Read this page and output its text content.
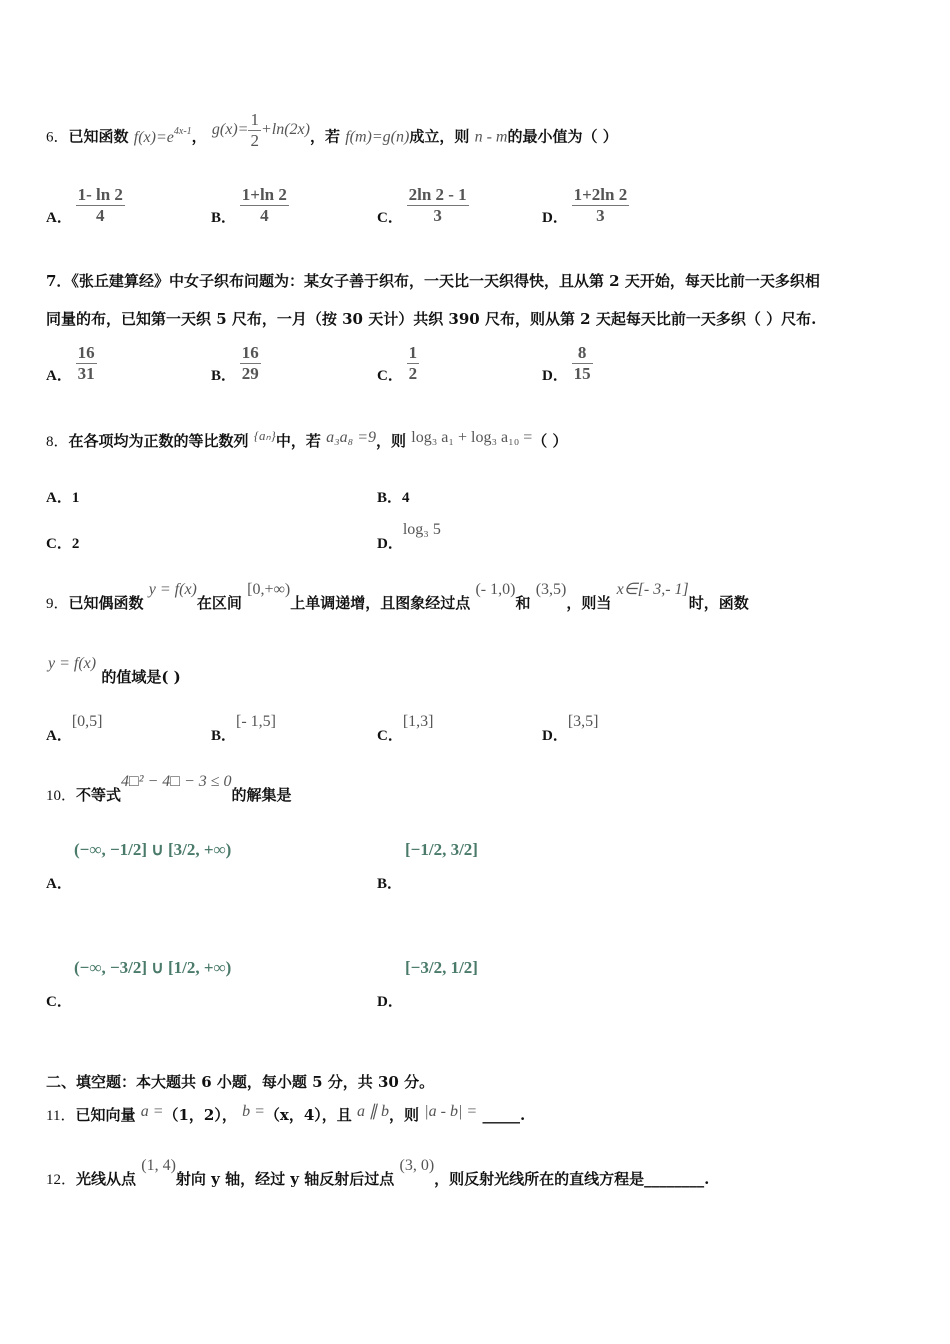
6．已知函数 $f(x)=e^{4x-1}$， $g(x)= \frac{1}{2} +\ln(2x)$，若 f(m)=g(n)成立，则 n - m的最小值为（ ）
A． $\frac{1- \ln 2}{4}$	B． $\frac{1+\ln 2}{4}$	C． $\frac{2\ln 2 - 1}{3}$	D． $\frac{1+2\ln 2}{3}$
7．《张丘建算经》中女子织布问题为：某女子善于织布，一天比一天织得快，且从第 2 天开始，每天比前一天多织相
同量的布，已知第一天织 5 尺布，一月（按 30 天计）共织 390 尺布，则从第 2 天起每天比前一天多织（ ）尺布.
A． $\frac{16}{31}$	B． $\frac{16}{29}$	C． $\frac{1}{2}$	D． $\frac{8}{15}$
8．在各项均为正数的等比数列 {aₙ}中，若 a₃a₈ =9，则 log₃ a₁ + log₃ a₁₀ =（ ）
A．1	B．4
C．2	D．log₃ 5
9．已知偶函数 y = f(x)在区间 [0,+∞)上单调递增，且图象经过点 (- 1,0)和 (3,5)，则当 x∈[- 3,- 1]时，函数
y = f(x) 的值域是( )
A．[0,5]
B．[- 1,5]
C．[1,3]
D．[3,5]
10．不等式4□² − 4□ − 3 ≤ 0的解集是
A．
(−∞, −1/2] ∪ [3/2, +∞)
B．
[−1/2, 3/2]
C．
(−∞, −3/2] ∪ [1/2, +∞)
D．
[−3/2, 1/2]
二、填空题：本大题共 6 小题，每小题 5 分，共 30 分。
11．已知向量 a =（1，2）， b =（x，4），且 a ∥ b，则 |a - b| = _____.
12．光线从点 (1, 4)射向 y 轴，经过 y 轴反射后过点 (3, 0)，则反射光线所在的直线方程是________.
